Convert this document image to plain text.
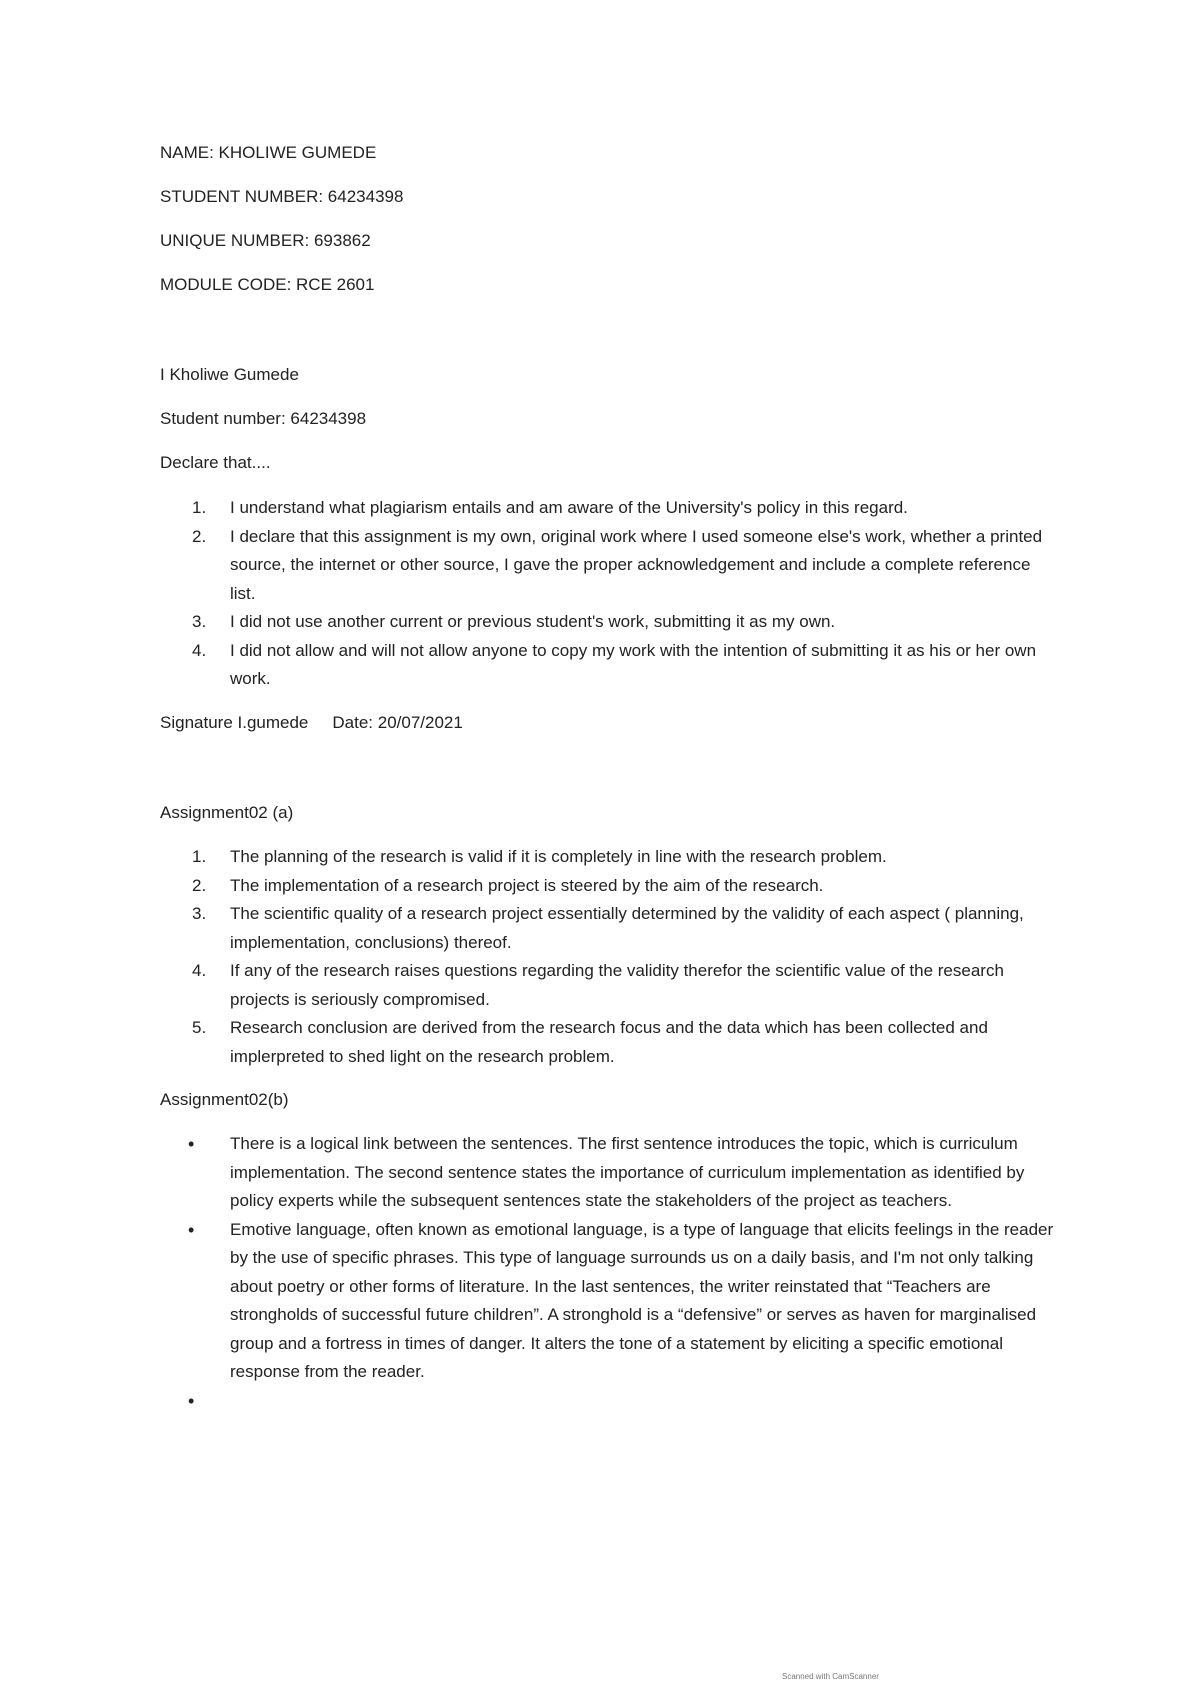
NAME: KHOLIWE GUMEDE
STUDENT NUMBER: 64234398
UNIQUE NUMBER: 693862
MODULE CODE: RCE 2601
I Kholiwe Gumede
Student number: 64234398
Declare that....
1. I understand what plagiarism entails and am aware of the University's policy in this regard.
2. I declare that this assignment is my own, original work where I used someone else's work, whether a printed source, the internet or other source, I gave the proper acknowledgement and include a complete reference list.
3. I did not use another current or previous student's work, submitting it as my own.
4. I did not allow and will not allow anyone to copy my work with the intention of submitting it as his or her own work.
Signature I.gumede Date: 20/07/2021
Assignment02 (a)
1. The planning of the research is valid if it is completely in line with the research problem.
2. The implementation of a research project is steered by the aim of the research.
3. The scientific quality of a research project essentially determined by the validity of each aspect ( planning, implementation, conclusions) thereof.
4. If any of the research raises questions regarding the validity therefor the scientific value of the research projects is seriously compromised.
5. Research conclusion are derived from the research focus and the data which has been collected and implerpreted to shed light on the research problem.
Assignment02(b)
• There is a logical link between the sentences. The first sentence introduces the topic, which is curriculum implementation. The second sentence states the importance of curriculum implementation as identified by policy experts while the subsequent sentences state the stakeholders of the project as teachers.
• Emotive language, often known as emotional language, is a type of language that elicits feelings in the reader by the use of specific phrases. This type of language surrounds us on a daily basis, and I'm not only talking about poetry or other forms of literature. In the last sentences, the writer reinstated that “Teachers are strongholds of successful future children”. A stronghold is a “defensive” or serves as haven for marginalised group and a fortress in times of danger. It alters the tone of a statement by eliciting a specific emotional response from the reader.
•
Scanned with CamScanner
